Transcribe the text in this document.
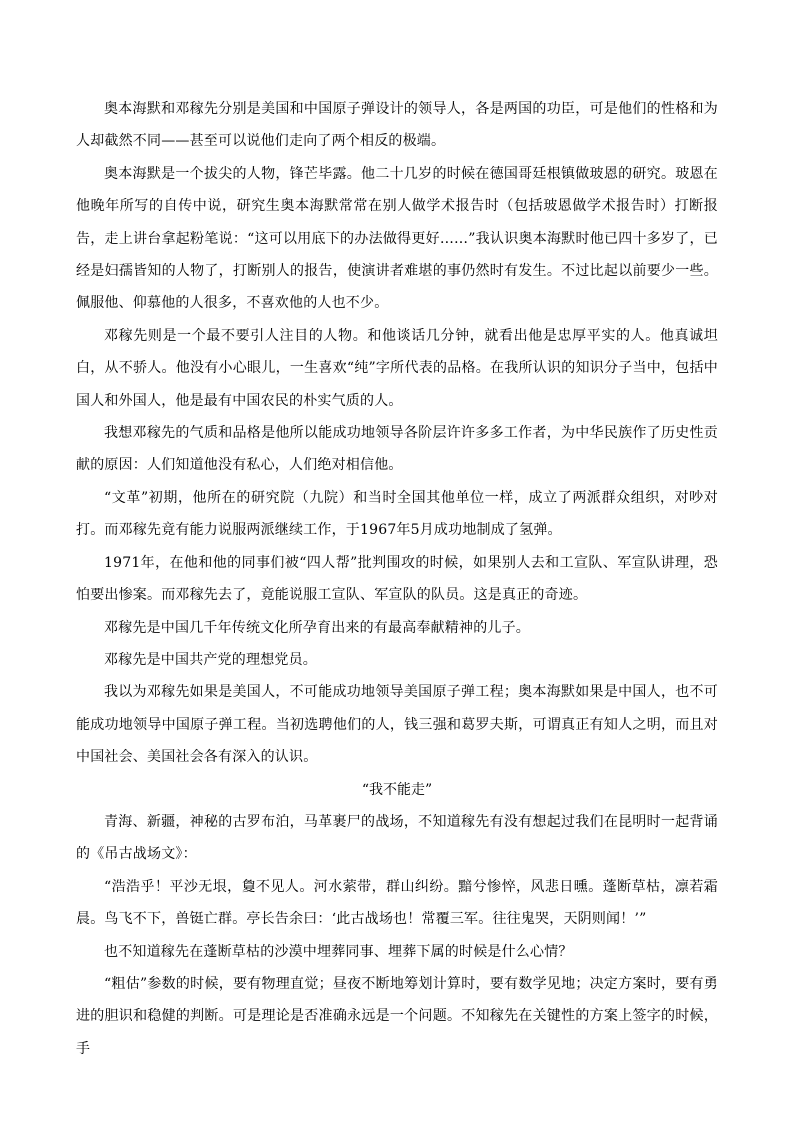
奥本海默和邓稼先分别是美国和中国原子弹设计的领导人，各是两国的功臣，可是他们的性格和为人却截然不同——甚至可以说他们走向了两个相反的极端。

奥本海默是一个拔尖的人物，锋芒毕露。他二十几岁的时候在德国哥廷根镇做玻恩的研究。玻恩在他晚年所写的自传中说，研究生奥本海默常常在别人做学术报告时（包括玻恩做学术报告时）打断报告，走上讲台拿起粉笔说：“这可以用底下的办法做得更好……”我认识奥本海默时他已四十多岁了，已经是妇孺皆知的人物了，打断别人的报告，使演讲者难堪的事仍然时有发生。不过比起以前要少一些。佩服他、仰慕他的人很多，不喜欢他的人也不少。

邓稼先则是一个最不要引人注目的人物。和他谈话几分钟，就看出他是忠厚平实的人。他真诚坦白，从不骄人。他没有小心眼儿，一生喜欢“纯”字所代表的品格。在我所认识的知识分子当中，包括中国人和外国人，他是最有中国农民的朴实气质的人。

我想邓稼先的气质和品格是他所以能成功地领导各阶层许许多多工作者，为中华民族作了历史性贡献的原因：人们知道他没有私心，人们绝对相信他。

“文革”初期，他所在的研究院（九院）和当时全国其他单位一样，成立了两派群众组织，对吵对打。而邓稼先竟有能力说服两派继续工作，于1967年5月成功地制成了氢弹。

1971年，在他和他的同事们被“四人帮”批判围攻的时候，如果别人去和工宣队、军宣队讲理，恐怕要出惨案。而邓稼先去了，竟能说服工宣队、军宣队的队员。这是真正的奇迹。

邓稼先是中国几千年传统文化所孕育出来的有最高奉献精神的儿子。

邓稼先是中国共产党的理想党员。

我以为邓稼先如果是美国人，不可能成功地领导美国原子弹工程；奥本海默如果是中国人，也不可能成功地领导中国原子弹工程。当初选聘他们的人，钱三强和葛罗夫斯，可谓真正有知人之明，而且对中国社会、美国社会各有深入的认识。

“我不能走”

青海、新疆，神秘的古罗布泊，马革裹尸的战场，不知道稼先有没有想起过我们在昆明时一起背诵的《吊古战场文》：

“浩浩乎！平沙无垠，敻不见人。河水萦带，群山纠纷。黯兮惨悴，风悲日曛。蓬断草枯，凛若霜晨。鸟飞不下，兽铤亡群。亭长告余曰：‘此古战场也！常覆三军。往往鬼哭，天阴则闻！’”

也不知道稼先在蓬断草枯的沙漠中埋葬同事、埋葬下属的时候是什么心情？

“粗估”参数的时候，要有物理直觉；昼夜不断地筹划计算时，要有数学见地；决定方案时，要有勇进的胆识和稳健的判断。可是理论是否准确永远是一个问题。不知稼先在关键性的方案上签字的时候，手
